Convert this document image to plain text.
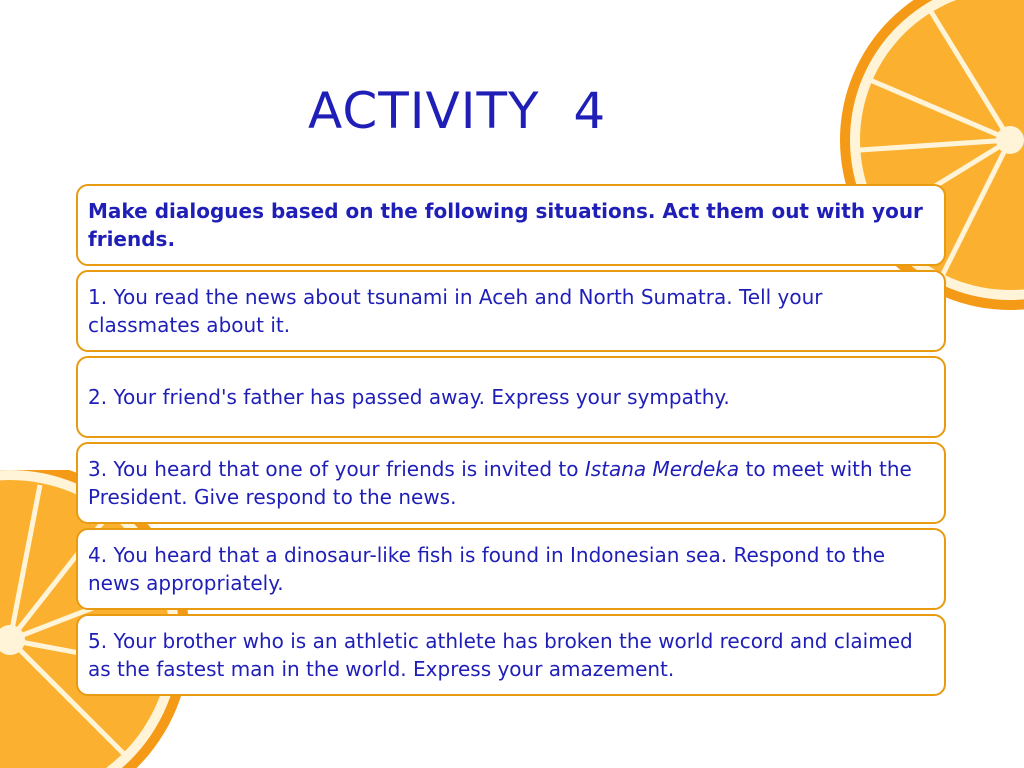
ACTIVITY  4

Make dialogues based on the following situations. Act them out with your friends.

1. You read the news about tsunami in Aceh and North Sumatra. Tell your classmates about it.

2. Your friend's father has passed away. Express your sympathy.

3. You heard that one of your friends is invited to Istana Merdeka to meet with the President. Give respond to the news.

4. You heard that a dinosaur-like fish is found in Indonesian sea. Respond to the news appropriately.

5. Your brother who is an athletic athlete has broken the world record and claimed as the fastest man in the world. Express your amazement.
